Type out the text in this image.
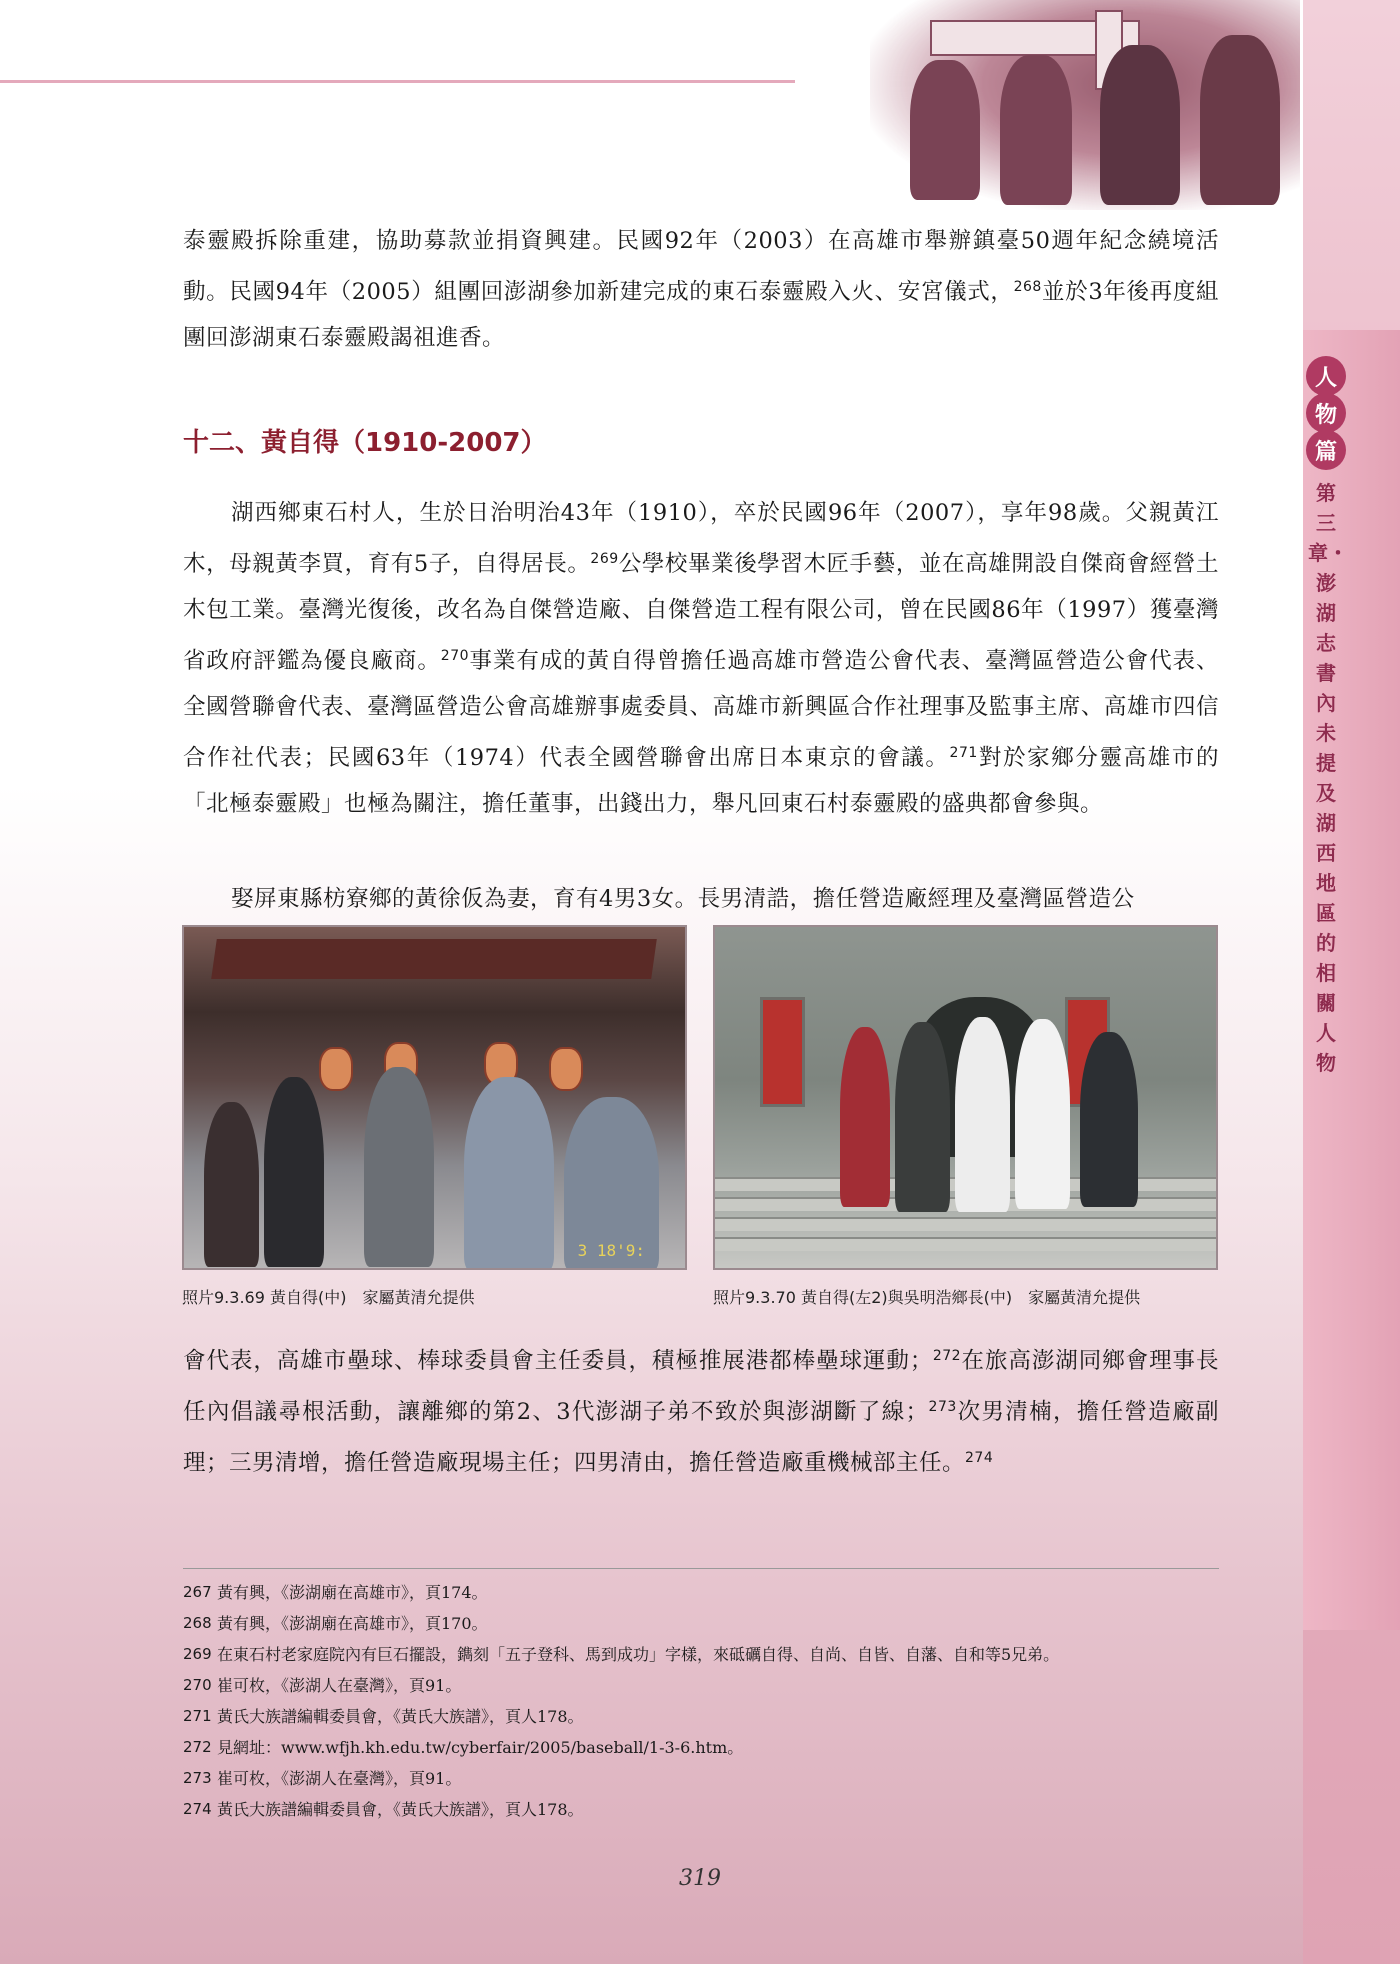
人
物
篇
第三章・澎湖志書內未提及湖西地區的相關人物
泰靈殿拆除重建，協助募款並捐資興建。民國92年（2003）在高雄市舉辦鎮臺50週年紀念繞境活動。民國94年（2005）組團回澎湖參加新建完成的東石泰靈殿入火、安宮儀式，$^{268}$並於3年後再度組團回澎湖東石泰靈殿謁祖進香。
十二、黃自得（1910-2007）
湖西鄉東石村人，生於日治明治43年（1910），卒於民國96年（2007），享年98歲。父親黃江木，母親黃李買，育有5子，自得居長。$^{269}$公學校畢業後學習木匠手藝，並在高雄開設自傑商會經營土木包工業。臺灣光復後，改名為自傑營造廠、自傑營造工程有限公司，曾在民國86年（1997）獲臺灣省政府評鑑為優良廠商。$^{270}$事業有成的黃自得曾擔任過高雄市營造公會代表、臺灣區營造公會代表、全國營聯會代表、臺灣區營造公會高雄辦事處委員、高雄市新興區合作社理事及監事主席、高雄市四信合作社代表；民國63年（1974）代表全國營聯會出席日本東京的會議。$^{271}$對於家鄉分靈高雄市的「北極泰靈殿」也極為關注，擔任董事，出錢出力，舉凡回東石村泰靈殿的盛典都會參與。
娶屏東縣枋寮鄉的黃徐仮為妻，育有4男3女。長男清誥，擔任營造廠經理及臺灣區營造公
3 18'9:
照片9.3.69 黃自得(中)　家屬黃清允提供	照片9.3.70 黃自得(左2)與吳明浩鄉長(中)　家屬黃清允提供
會代表，高雄市壘球、棒球委員會主任委員，積極推展港都棒壘球運動；$^{272}$在旅高澎湖同鄉會理事長任內倡議尋根活動，讓離鄉的第2、3代澎湖子弟不致於與澎湖斷了線；$^{273}$次男清楠，擔任營造廠副理；三男清增，擔任營造廠現場主任；四男清由，擔任營造廠重機械部主任。$^{274}$
267 黃有興，《澎湖廟在高雄市》，頁174。
268 黃有興，《澎湖廟在高雄市》，頁170。
269 在東石村老家庭院內有巨石擺設，鐫刻「五子登科、馬到成功」字樣，來砥礪自得、自尚、自皆、自藩、自和等5兄弟。
270 崔可枚，《澎湖人在臺灣》，頁91。
271 黃氏大族譜編輯委員會，《黃氏大族譜》，頁人178。
272 見網址：www.wfjh.kh.edu.tw/cyberfair/2005/baseball/1-3-6.htm。
273 崔可枚，《澎湖人在臺灣》，頁91。
274 黃氏大族譜編輯委員會，《黃氏大族譜》，頁人178。
319
